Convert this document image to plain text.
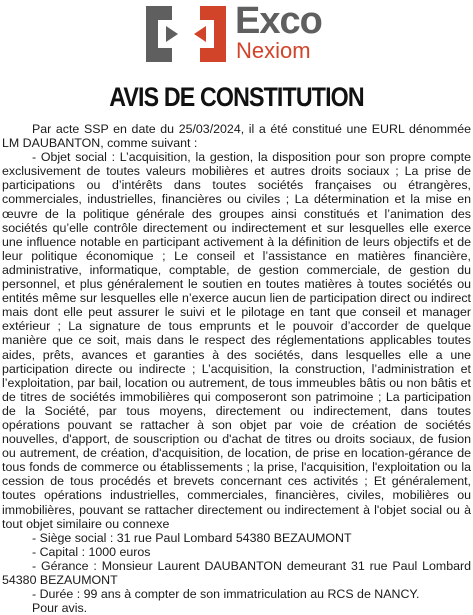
Exco
Nexiom
AVIS DE CONSTITUTION

Par acte SSP en date du 25/03/2024, il a été constitué une EURL dénommée LM DAUBANTON, comme suivant :

- Objet social : L’acquisition, la gestion, la disposition pour son propre compte exclusivement de toutes valeurs mobilières et autres droits sociaux ; La prise de participations ou d’intérêts dans toutes sociétés françaises ou étrangères, commerciales, industrielles, financières ou civiles ; La détermination et la mise en œuvre de la politique générale des groupes ainsi constitués et l’animation des sociétés qu’elle contrôle directement ou indirectement et sur lesquelles elle exerce une influence notable en participant activement à la définition de leurs objectifs et de leur politique économique ; Le conseil et l’assistance en matières financière, administrative, informatique, comptable, de gestion commerciale, de gestion du personnel, et plus généralement le soutien en toutes matières à toutes sociétés ou entités même sur lesquelles elle n’exerce aucun lien de participation direct ou indirect mais dont elle peut assurer le suivi et le pilotage en tant que conseil et manager extérieur ; La signature de tous emprunts et le pouvoir d’accorder de quelque manière que ce soit, mais dans le respect des réglementations applicables toutes aides, prêts, avances et garanties à des sociétés, dans lesquelles elle a une participation directe ou indirecte ; L’acquisition, la construction, l’administration et l’exploitation, par bail, location ou autrement, de tous immeubles bâtis ou non bâtis et de titres de sociétés immobilières qui composeront son patrimoine ; La participation de la Société, par tous moyens, directement ou indirectement, dans toutes opérations pouvant se rattacher à son objet par voie de création de sociétés nouvelles, d'apport, de souscription ou d'achat de titres ou droits sociaux, de fusion ou autrement, de création, d'acquisition, de location, de prise en location-gérance de tous fonds de commerce ou établissements ; la prise, l'acquisition, l'exploitation ou la cession de tous procédés et brevets concernant ces activités ; Et généralement, toutes opérations industrielles, commerciales, financières, civiles, mobilières ou immobilières, pouvant se rattacher directement ou indirectement à l'objet social ou à tout objet similaire ou connexe

- Siège social : 31 rue Paul Lombard 54380 BEZAUMONT

- Capital : 1000 euros

- Gérance : Monsieur Laurent DAUBANTON demeurant 31 rue Paul Lombard 54380 BEZAUMONT

- Durée : 99 ans à compter de son immatriculation au RCS de NANCY.

Pour avis.
